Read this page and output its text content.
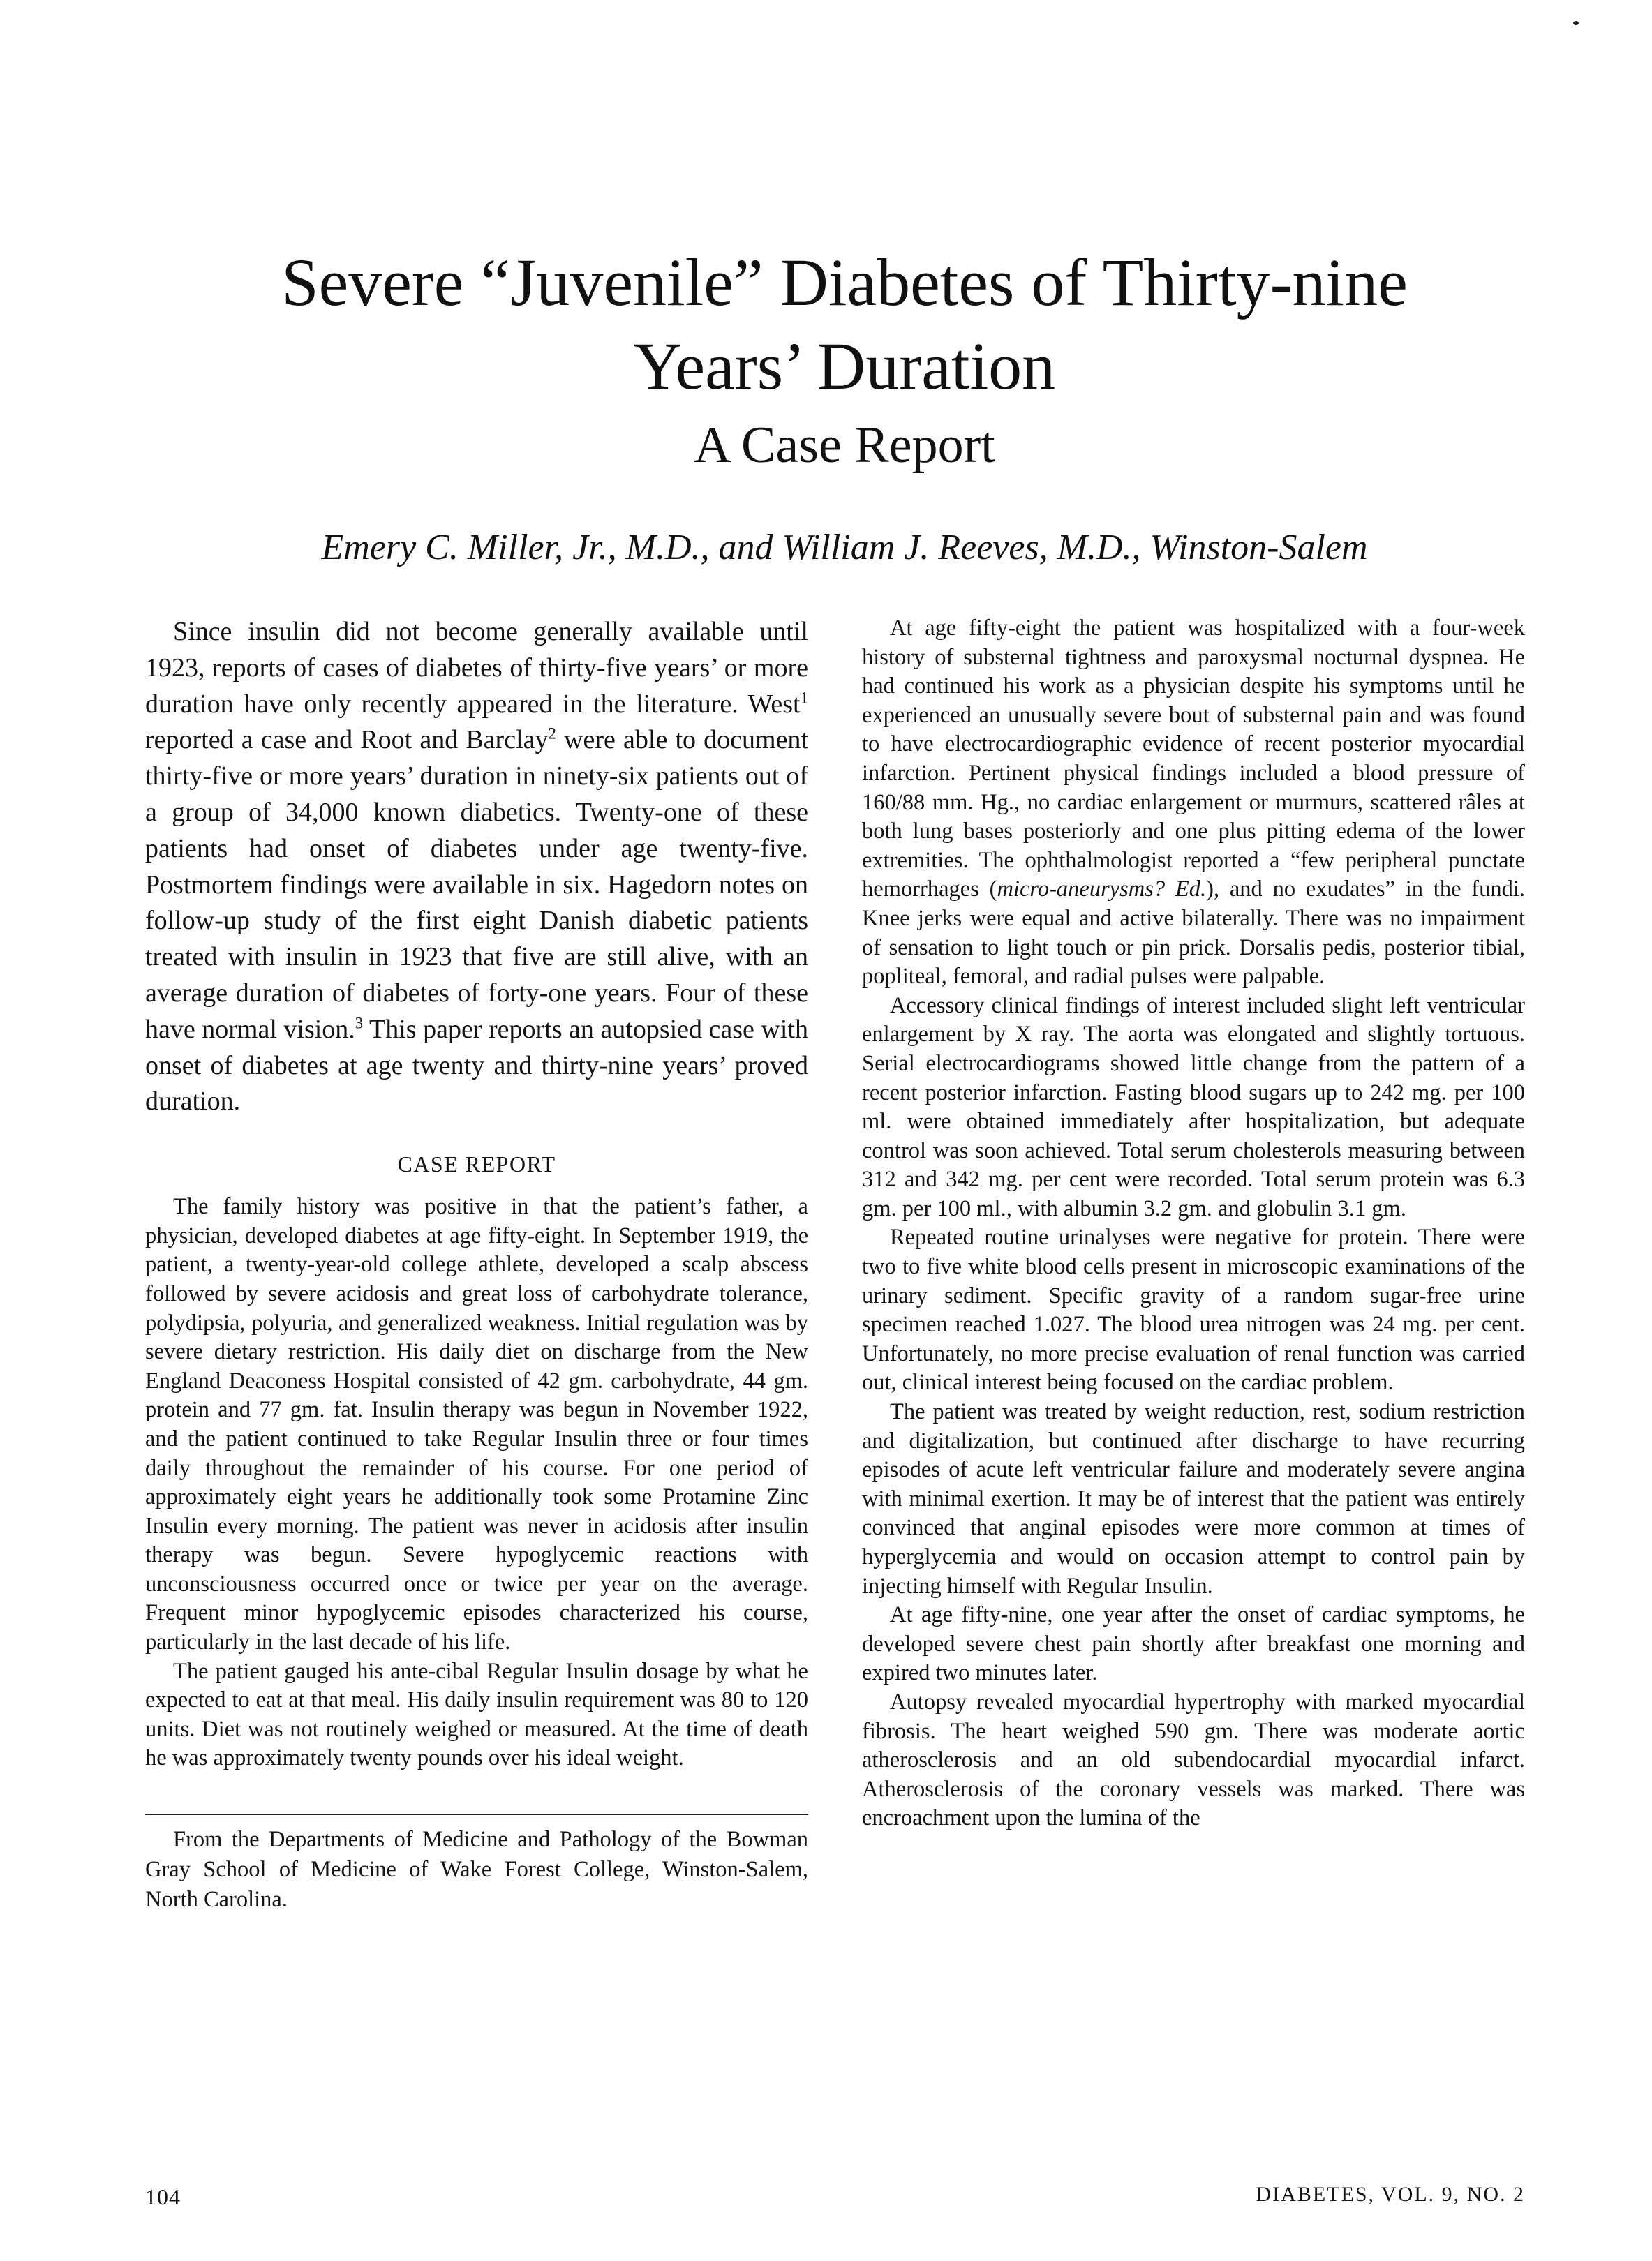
Severe “Juvenile” Diabetes of Thirty-nine
Years’ Duration
A Case Report

Emery C. Miller, Jr., M.D., and William J. Reeves, M.D., Winston-Salem

Since insulin did not become generally available until 1923, reports of cases of diabetes of thirty-five years’ or more duration have only recently appeared in the literature. West$^1$ reported a case and Root and Barclay$^2$ were able to document thirty-five or more years’ duration in ninety-six patients out of a group of 34,000 known diabetics. Twenty-one of these patients had onset of diabetes under age twenty-five. Postmortem findings were available in six. Hagedorn notes on follow-up study of the first eight Danish diabetic patients treated with insulin in 1923 that five are still alive, with an average duration of diabetes of forty-one years. Four of these have normal vision.$^3$ This paper reports an autopsied case with onset of diabetes at age twenty and thirty-nine years’ proved duration.

CASE REPORT

The family history was positive in that the patient’s father, a physician, developed diabetes at age fifty-eight. In September 1919, the patient, a twenty-year-old college athlete, developed a scalp abscess followed by severe acidosis and great loss of carbohydrate tolerance, polydipsia, polyuria, and generalized weakness. Initial regulation was by severe dietary restriction. His daily diet on discharge from the New England Deaconess Hospital consisted of 42 gm. carbohydrate, 44 gm. protein and 77 gm. fat. Insulin therapy was begun in November 1922, and the patient continued to take Regular Insulin three or four times daily throughout the remainder of his course. For one period of approximately eight years he additionally took some Protamine Zinc Insulin every morning. The patient was never in acidosis after insulin therapy was begun. Severe hypoglycemic reactions with unconsciousness occurred once or twice per year on the average. Frequent minor hypoglycemic episodes characterized his course, particularly in the last decade of his life.

The patient gauged his ante-cibal Regular Insulin dosage by what he expected to eat at that meal. His daily insulin requirement was 80 to 120 units. Diet was not routinely weighed or measured. At the time of death he was approximately twenty pounds over his ideal weight.

From the Departments of Medicine and Pathology of the Bowman Gray School of Medicine of Wake Forest College, Winston-Salem, North Carolina.

At age fifty-eight the patient was hospitalized with a four-week history of substernal tightness and paroxysmal nocturnal dyspnea. He had continued his work as a physician despite his symptoms until he experienced an unusually severe bout of substernal pain and was found to have electrocardiographic evidence of recent posterior myocardial infarction. Pertinent physical findings included a blood pressure of 160/88 mm. Hg., no cardiac enlargement or murmurs, scattered râles at both lung bases posteriorly and one plus pitting edema of the lower extremities. The ophthalmologist reported a “few peripheral punctate hemorrhages (micro-aneurysms? Ed.), and no exudates” in the fundi. Knee jerks were equal and active bilaterally. There was no impairment of sensation to light touch or pin prick. Dorsalis pedis, posterior tibial, popliteal, femoral, and radial pulses were palpable.

Accessory clinical findings of interest included slight left ventricular enlargement by X ray. The aorta was elongated and slightly tortuous. Serial electrocardiograms showed little change from the pattern of a recent posterior infarction. Fasting blood sugars up to 242 mg. per 100 ml. were obtained immediately after hospitalization, but adequate control was soon achieved. Total serum cholesterols measuring between 312 and 342 mg. per cent were recorded. Total serum protein was 6.3 gm. per 100 ml., with albumin 3.2 gm. and globulin 3.1 gm.

Repeated routine urinalyses were negative for protein. There were two to five white blood cells present in microscopic examinations of the urinary sediment. Specific gravity of a random sugar-free urine specimen reached 1.027. The blood urea nitrogen was 24 mg. per cent. Unfortunately, no more precise evaluation of renal function was carried out, clinical interest being focused on the cardiac problem.

The patient was treated by weight reduction, rest, sodium restriction and digitalization, but continued after discharge to have recurring episodes of acute left ventricular failure and moderately severe angina with minimal exertion. It may be of interest that the patient was entirely convinced that anginal episodes were more common at times of hyperglycemia and would on occasion attempt to control pain by injecting himself with Regular Insulin.

At age fifty-nine, one year after the onset of cardiac symptoms, he developed severe chest pain shortly after breakfast one morning and expired two minutes later.

Autopsy revealed myocardial hypertrophy with marked myocardial fibrosis. The heart weighed 590 gm. There was moderate aortic atherosclerosis and an old subendocardial myocardial infarct. Atherosclerosis of the coronary vessels was marked. There was encroachment upon the lumina of the

104	DIABETES, VOL. 9, NO. 2
